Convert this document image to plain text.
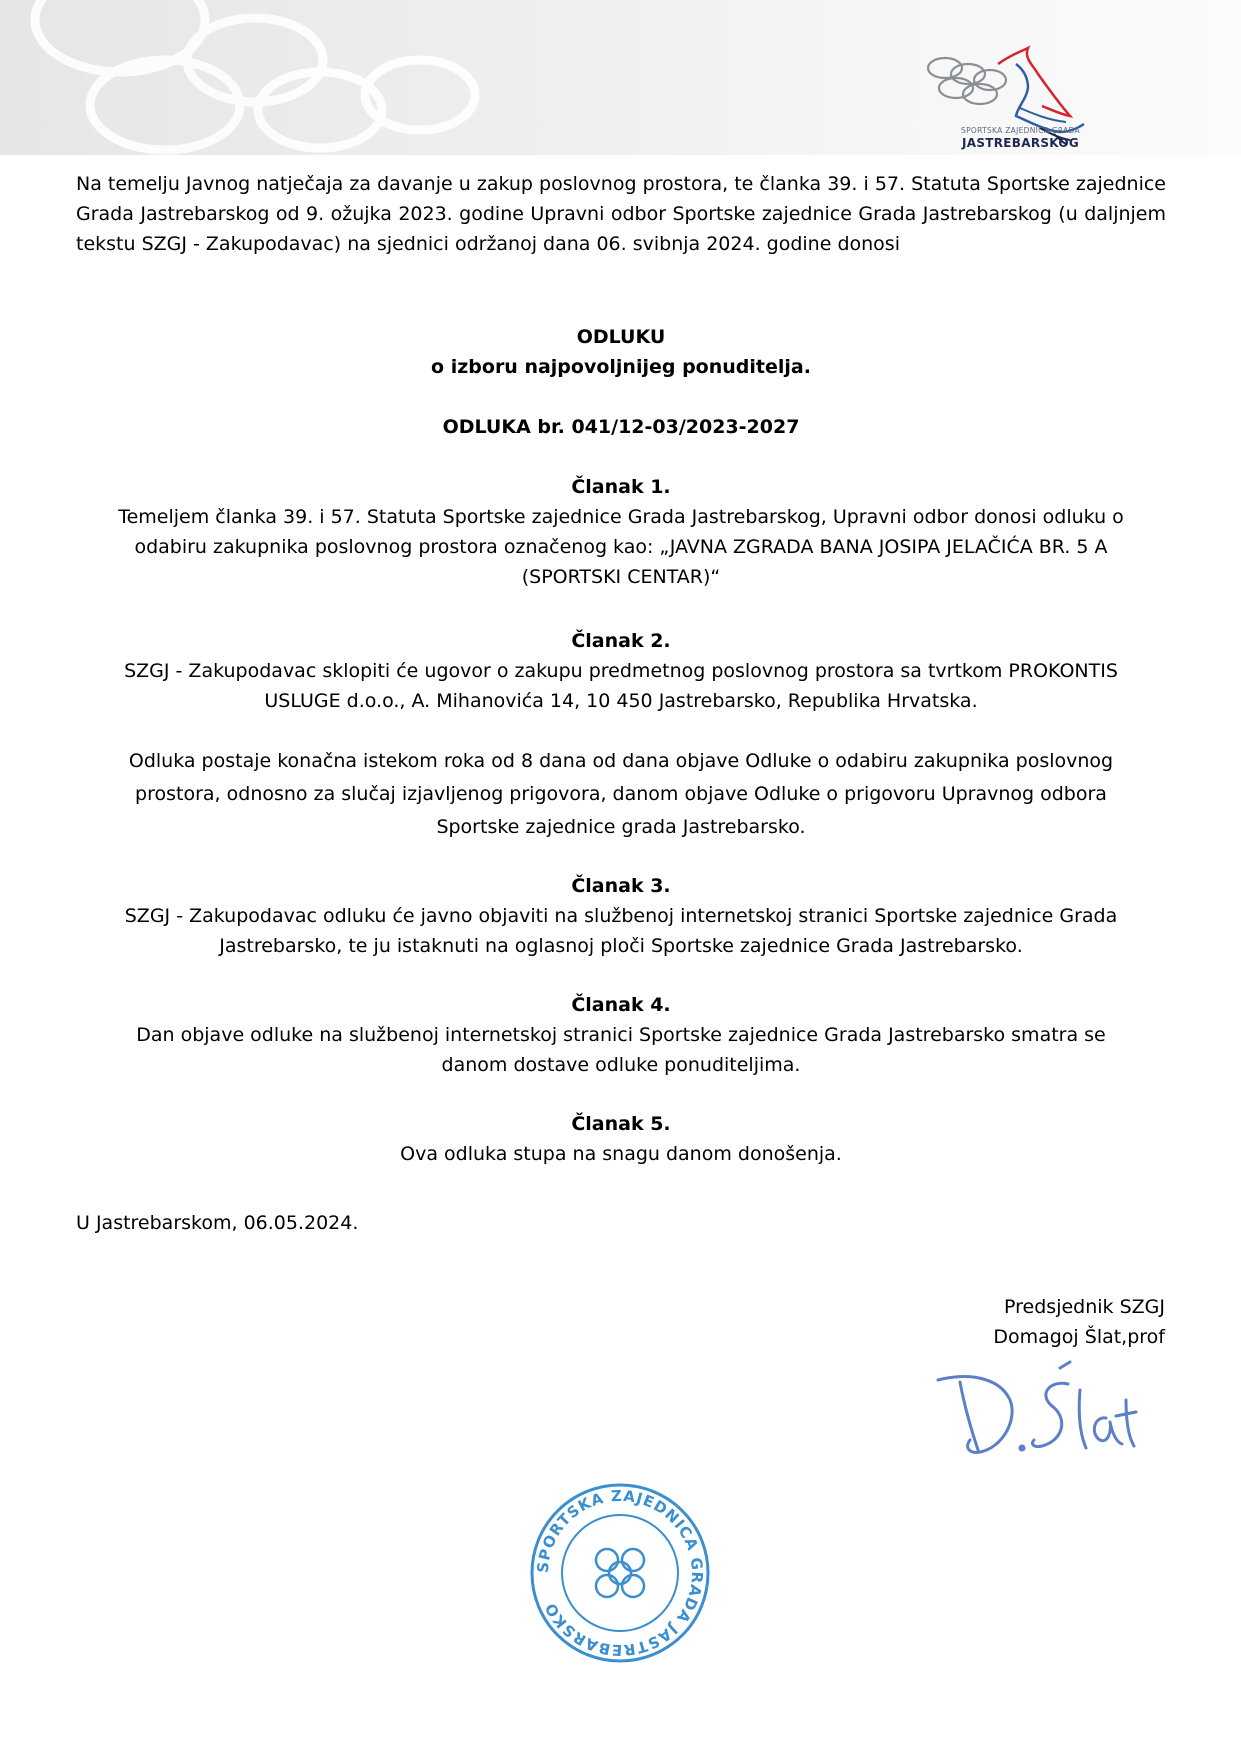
SPORTSKA ZAJEDNICA GRADA
JASTREBARSKOG
Na temelju Javnog natječaja za davanje u zakup poslovnog prostora, te članka 39. i 57. Statuta Sportske zajednice Grada Jastrebarskog od 9. ožujka 2023. godine Upravni odbor Sportske zajednice Grada Jastrebarskog (u daljnjem tekstu SZGJ - Zakupodavac) na sjednici održanoj dana 06. svibnja 2024. godine donosi
ODLUKU
o izboru najpovoljnijeg ponuditelja.
ODLUKA br. 041/12-03/2023-2027
Članak 1.
Temeljem članka 39. i 57. Statuta Sportske zajednice Grada Jastrebarskog, Upravni odbor donosi odluku o
odabiru zakupnika poslovnog prostora označenog kao: „JAVNA ZGRADA BANA JOSIPA JELAČIĆA BR. 5 A
(SPORTSKI CENTAR)“
Članak 2.
SZGJ - Zakupodavac sklopiti će ugovor o zakupu predmetnog poslovnog prostora sa tvrtkom PROKONTIS
USLUGE d.o.o., A. Mihanovića 14, 10 450 Jastrebarsko, Republika Hrvatska.
Odluka postaje konačna istekom roka od 8 dana od dana objave Odluke o odabiru zakupnika poslovnog
prostora, odnosno za slučaj izjavljenog prigovora, danom objave Odluke o prigovoru Upravnog odbora
Sportske zajednice grada Jastrebarsko.
Članak 3.
SZGJ - Zakupodavac odluku će javno objaviti na službenoj internetskoj stranici Sportske zajednice Grada
Jastrebarsko, te ju istaknuti na oglasnoj ploči Sportske zajednice Grada Jastrebarsko.
Članak 4.
Dan objave odluke na službenoj internetskoj stranici Sportske zajednice Grada Jastrebarsko smatra se
danom dostave odluke ponuditeljima.
Članak 5.
Ova odluka stupa na snagu danom donošenja.
U Jastrebarskom, 06.05.2024.
Predsjednik SZGJ
Domagoj Šlat,prof
SPORTSKA ZAJEDNICA GRADA JASTREBARSKO
